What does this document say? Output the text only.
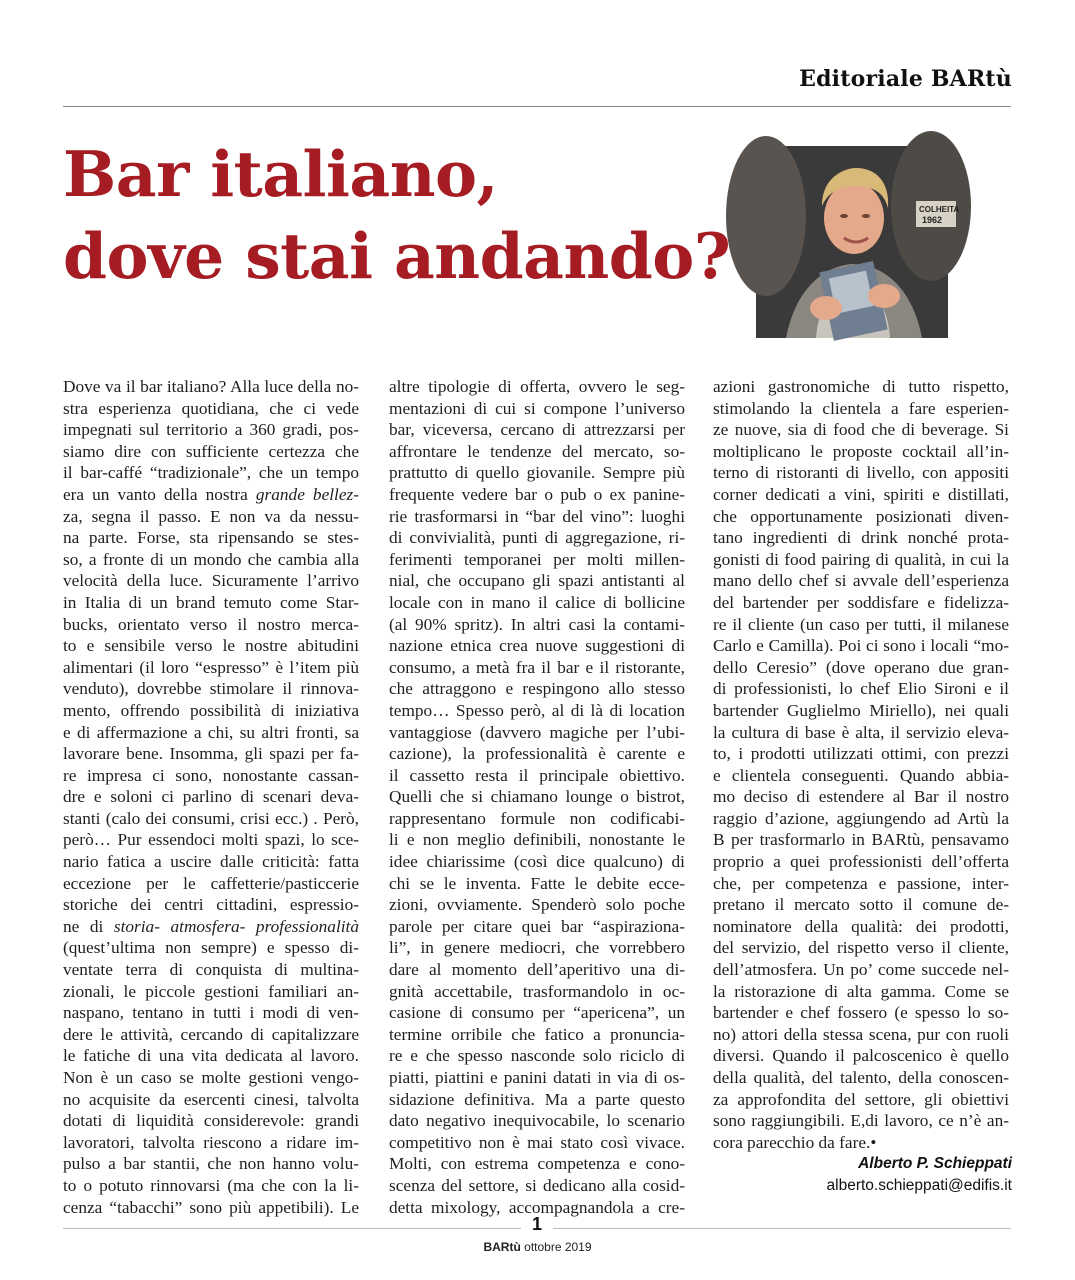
Editoriale BARtù
Bar italiano,
dove stai andando?
COLHEITA
1962
Dove va il bar italiano? Alla luce della no-
stra esperienza quotidiana, che ci vede
impegnati sul territorio a 360 gradi, pos-
siamo dire con sufficiente certezza che
il bar-caffé “tradizionale”, che un tempo
era un vanto della nostra grande bellez-
za, segna il passo. E non va da nessu-
na parte. Forse, sta ripensando se stes-
so, a fronte di un mondo che cambia alla
velocità della luce. Sicuramente l’arrivo
in Italia di un brand temuto come Star-
bucks, orientato verso il nostro merca-
to e sensibile verso le nostre abitudini
alimentari (il loro “espresso” è l’item più
venduto), dovrebbe stimolare il rinnova-
mento, offrendo possibilità di iniziativa
e di affermazione a chi, su altri fronti, sa
lavorare bene. Insomma, gli spazi per fa-
re impresa ci sono, nonostante cassan-
dre e soloni ci parlino di scenari deva-
stanti (calo dei consumi, crisi ecc.) . Però,
però… Pur essendoci molti spazi, lo sce-
nario fatica a uscire dalle criticità: fatta
eccezione per le caffetterie/pasticcerie
storiche dei centri cittadini, espressio-
ne di storia- atmosfera- professionalità
(quest’ultima non sempre) e spesso di-
ventate terra di conquista di multina-
zionali, le piccole gestioni familiari an-
naspano, tentano in tutti i modi di ven-
dere le attività, cercando di capitalizzare
le fatiche di una vita dedicata al lavoro.
Non è un caso se molte gestioni vengo-
no acquisite da esercenti cinesi, talvolta
dotati di liquidità considerevole: grandi
lavoratori, talvolta riescono a ridare im-
pulso a bar stantii, che non hanno volu-
to o potuto rinnovarsi (ma che con la li-
cenza “tabacchi” sono più appetibili). Le
altre tipologie di offerta, ovvero le seg-
mentazioni di cui si compone l’universo
bar, viceversa, cercano di attrezzarsi per
affrontare le tendenze del mercato, so-
prattutto di quello giovanile. Sempre più
frequente vedere bar o pub o ex panine-
rie trasformarsi in “bar del vino”: luoghi
di convivialità, punti di aggregazione, ri-
ferimenti temporanei per molti millen-
nial, che occupano gli spazi antistanti al
locale con in mano il calice di bollicine
(al 90% spritz). In altri casi la contami-
nazione etnica crea nuove suggestioni di
consumo, a metà fra il bar e il ristorante,
che attraggono e respingono allo stesso
tempo… Spesso però, al di là di location
vantaggiose (davvero magiche per l’ubi-
cazione), la professionalità è carente e
il cassetto resta il principale obiettivo.
Quelli che si chiamano lounge o bistrot,
rappresentano formule non codificabi-
li e non meglio definibili, nonostante le
idee chiarissime (così dice qualcuno) di
chi se le inventa. Fatte le debite ecce-
zioni, ovviamente. Spenderò solo poche
parole per citare quei bar “aspiraziona-
li”, in genere mediocri, che vorrebbero
dare al momento dell’aperitivo una di-
gnità accettabile, trasformandolo in oc-
casione di consumo per “apericena”, un
termine orribile che fatico a pronuncia-
re e che spesso nasconde solo riciclo di
piatti, piattini e panini datati in via di os-
sidazione definitiva. Ma a parte questo
dato negativo inequivocabile, lo scenario
competitivo non è mai stato così vivace.
Molti, con estrema competenza e cono-
scenza del settore, si dedicano alla cosid-
detta mixology, accompagnandola a cre-
azioni gastronomiche di tutto rispetto,
stimolando la clientela a fare esperien-
ze nuove, sia di food che di beverage. Si
moltiplicano le proposte cocktail all’in-
terno di ristoranti di livello, con appositi
corner dedicati a vini, spiriti e distillati,
che opportunamente posizionati diven-
tano ingredienti di drink nonché prota-
gonisti di food pairing di qualità, in cui la
mano dello chef si avvale dell’esperienza
del bartender per soddisfare e fidelizza-
re il cliente (un caso per tutti, il milanese
Carlo e Camilla). Poi ci sono i locali “mo-
dello Ceresio” (dove operano due gran-
di professionisti, lo chef Elio Sironi e il
bartender Guglielmo Miriello), nei quali
la cultura di base è alta, il servizio eleva-
to, i prodotti utilizzati ottimi, con prezzi
e clientela conseguenti. Quando abbia-
mo deciso di estendere al Bar il nostro
raggio d’azione, aggiungendo ad Artù la
B per trasformarlo in BARtù, pensavamo
proprio a quei professionisti dell’offerta
che, per competenza e passione, inter-
pretano il mercato sotto il comune de-
nominatore della qualità: dei prodotti,
del servizio, del rispetto verso il cliente,
dell’atmosfera. Un po’ come succede nel-
la ristorazione di alta gamma. Come se
bartender e chef fossero (e spesso lo so-
no) attori della stessa scena, pur con ruoli
diversi. Quando il palcoscenico è quello
della qualità, del talento, della conoscen-
za approfondita del settore, gli obiettivi
sono raggiungibili. E,di lavoro, ce n’è an-
cora parecchio da fare.•
Alberto P. Schieppati
alberto.schieppati@edifis.it
1
BARtù ottobre 2019
